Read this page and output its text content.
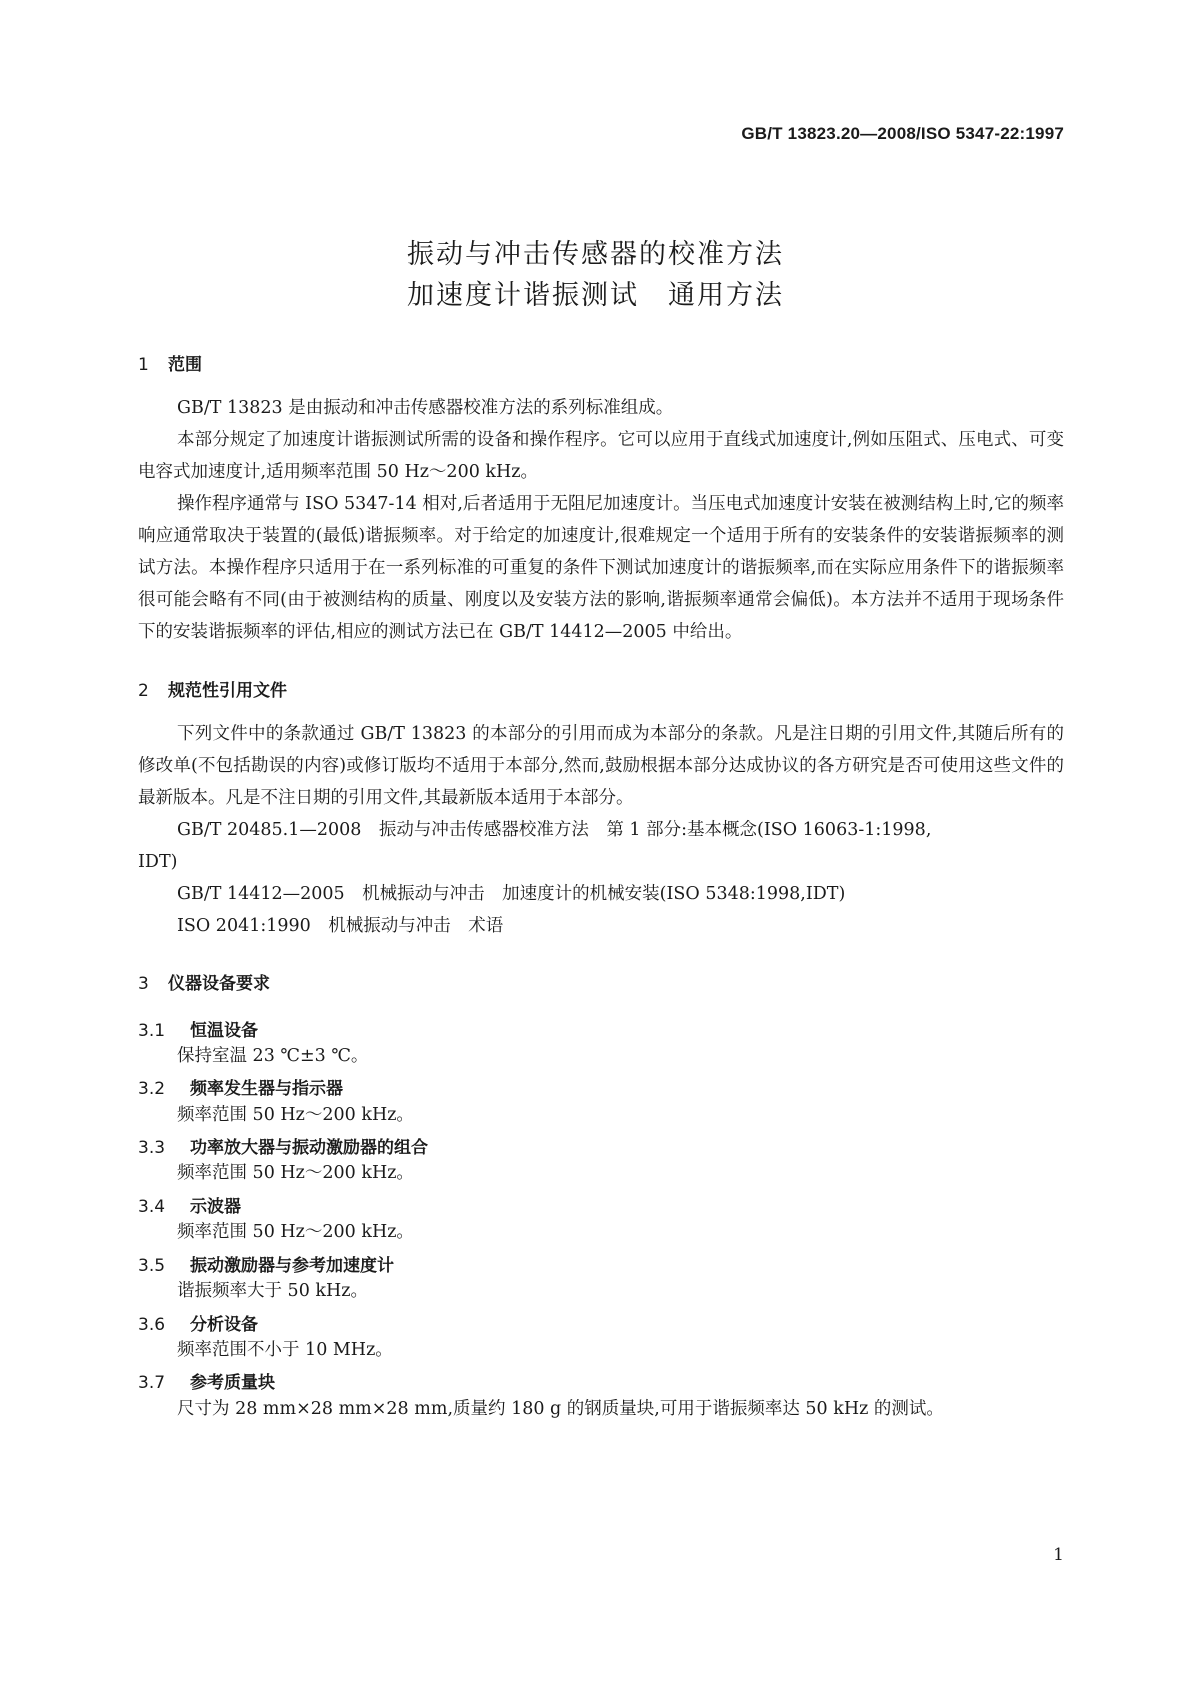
GB/T 13823.20—2008/ISO 5347-22:1997
振动与冲击传感器的校准方法
加速度计谐振测试　通用方法
1 范围

GB/T 13823 是由振动和冲击传感器校准方法的系列标准组成。

本部分规定了加速度计谐振测试所需的设备和操作程序。它可以应用于直线式加速度计,例如压阻式、压电式、可变电容式加速度计,适用频率范围 50 Hz～200 kHz。

操作程序通常与 ISO 5347-14 相对,后者适用于无阻尼加速度计。当压电式加速度计安装在被测结构上时,它的频率响应通常取决于装置的(最低)谐振频率。对于给定的加速度计,很难规定一个适用于所有的安装条件的安装谐振频率的测试方法。本操作程序只适用于在一系列标准的可重复的条件下测试加速度计的谐振频率,而在实际应用条件下的谐振频率很可能会略有不同(由于被测结构的质量、刚度以及安装方法的影响,谐振频率通常会偏低)。本方法并不适用于现场条件下的安装谐振频率的评估,相应的测试方法已在 GB/T 14412—2005 中给出。

2 规范性引用文件

下列文件中的条款通过 GB/T 13823 的本部分的引用而成为本部分的条款。凡是注日期的引用文件,其随后所有的修改单(不包括勘误的内容)或修订版均不适用于本部分,然而,鼓励根据本部分达成协议的各方研究是否可使用这些文件的最新版本。凡是不注日期的引用文件,其最新版本适用于本部分。

GB/T 20485.1—2008　振动与冲击传感器校准方法　第 1 部分:基本概念(ISO 16063-1:1998,

IDT)

GB/T 14412—2005　机械振动与冲击　加速度计的机械安装(ISO 5348:1998,IDT)

ISO 2041:1990　机械振动与冲击　术语

3 仪器设备要求
3.1 恒温设备
保持室温 23 ℃±3 ℃。
3.2 频率发生器与指示器
频率范围 50 Hz～200 kHz。
3.3 功率放大器与振动激励器的组合
频率范围 50 Hz～200 kHz。
3.4 示波器
频率范围 50 Hz～200 kHz。
3.5 振动激励器与参考加速度计
谐振频率大于 50 kHz。
3.6 分析设备
频率范围不小于 10 MHz。
3.7 参考质量块
尺寸为 28 mm×28 mm×28 mm,质量约 180 g 的钢质量块,可用于谐振频率达 50 kHz 的测试。
1
